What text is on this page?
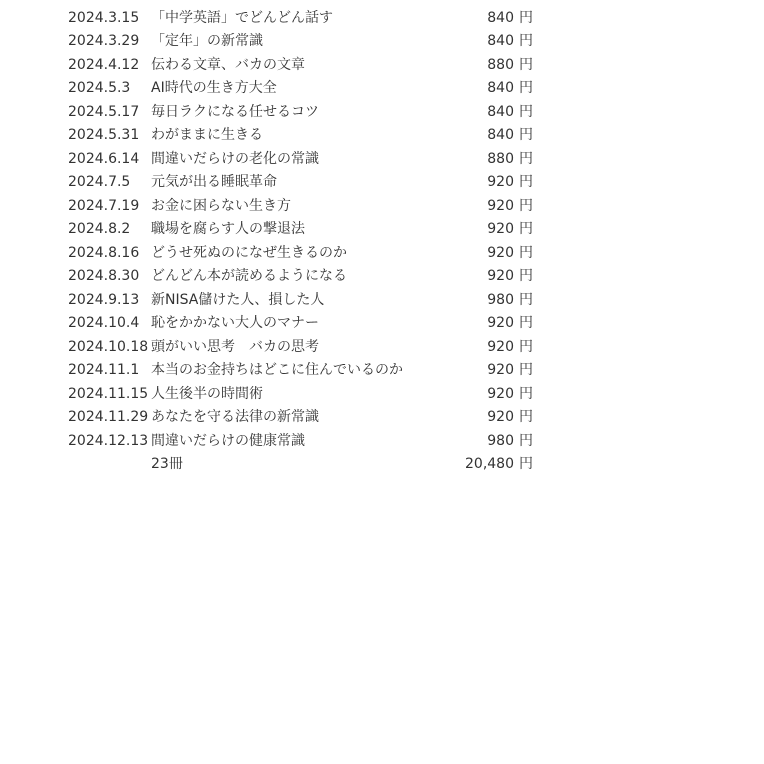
2024.3.15 「中学英語」でどんどん話す	840 円
2024.3.29 「定年」の新常識	840 円
2024.4.12 伝わる文章、バカの文章	880 円
2024.5.3 AI時代の生き方大全	840 円
2024.5.17 毎日ラクになる任せるコツ	840 円
2024.5.31 わがままに生きる	840 円
2024.6.14 間違いだらけの老化の常識	880 円
2024.7.5 元気が出る睡眠革命	920 円
2024.7.19 お金に困らない生き方	920 円
2024.8.2 職場を腐らす人の撃退法	920 円
2024.8.16 どうせ死ぬのになぜ生きるのか	920 円
2024.8.30 どんどん本が読めるようになる	920 円
2024.9.13 新NISA儲けた人、損した人	980 円
2024.10.4 恥をかかない大人のマナー	920 円
2024.10.18 頭がいい思考　バカの思考	920 円
2024.11.1 本当のお金持ちはどこに住んでいるのか	920 円
2024.11.15 人生後半の時間術	920 円
2024.11.29 あなたを守る法律の新常識	920 円
2024.12.13 間違いだらけの健康常識	980 円
23冊	20,480 円
